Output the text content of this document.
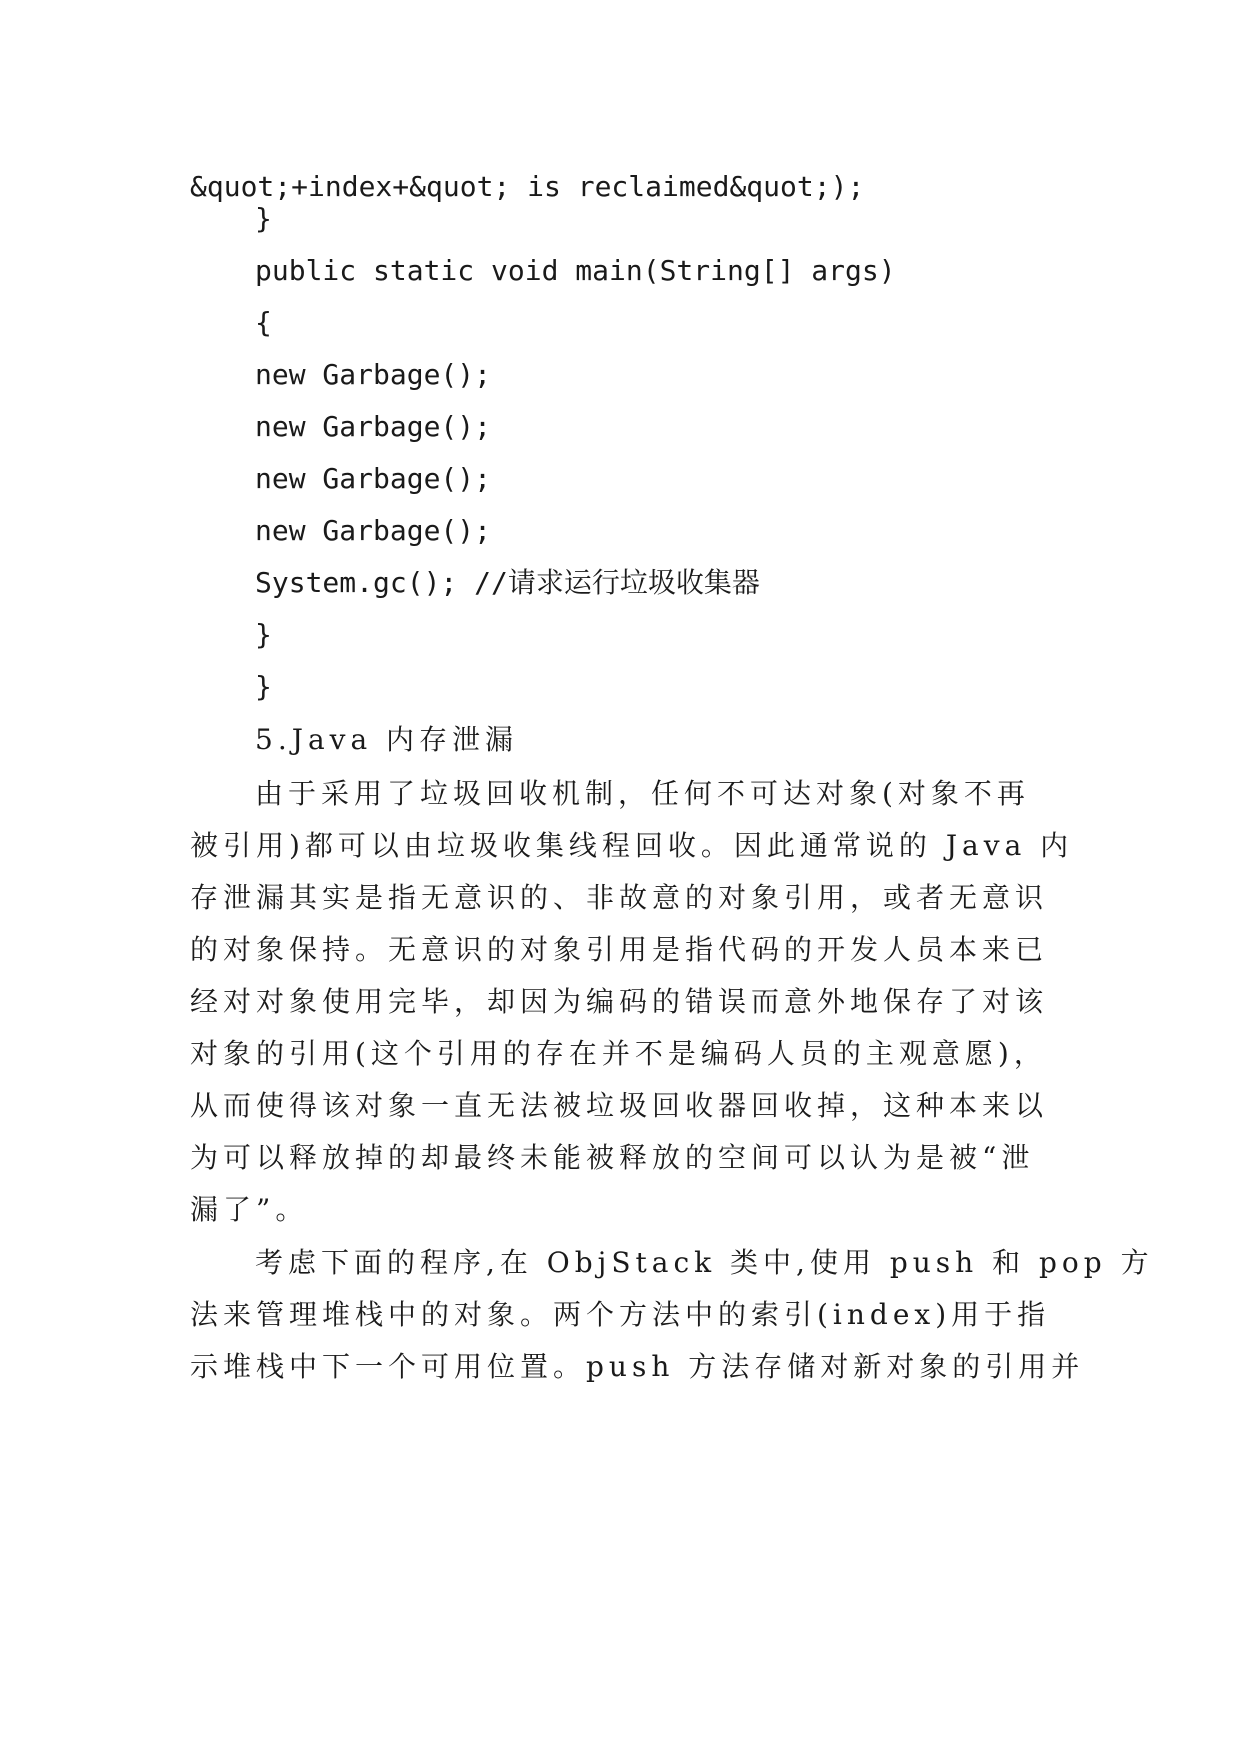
&quot;+index+&quot; is reclaimed&quot;);
}
public static void main(String[] args)
{
new Garbage();
new Garbage();
new Garbage();
new Garbage();
System.gc(); //请求运行垃圾收集器
}
}
5.Java 内存泄漏
由于采用了垃圾回收机制，任何不可达对象(对象不再
被引用)都可以由垃圾收集线程回收。因此通常说的 Java 内
存泄漏其实是指无意识的、非故意的对象引用，或者无意识
的对象保持。无意识的对象引用是指代码的开发人员本来已
经对对象使用完毕，却因为编码的错误而意外地保存了对该
对象的引用(这个引用的存在并不是编码人员的主观意愿)，
从而使得该对象一直无法被垃圾回收器回收掉，这种本来以
为可以释放掉的却最终未能被释放的空间可以认为是被“泄
漏了”。
考虑下面的程序,在 ObjStack 类中,使用 push 和 pop 方
法来管理堆栈中的对象。两个方法中的索引(index)用于指
示堆栈中下一个可用位置。push 方法存储对新对象的引用并
